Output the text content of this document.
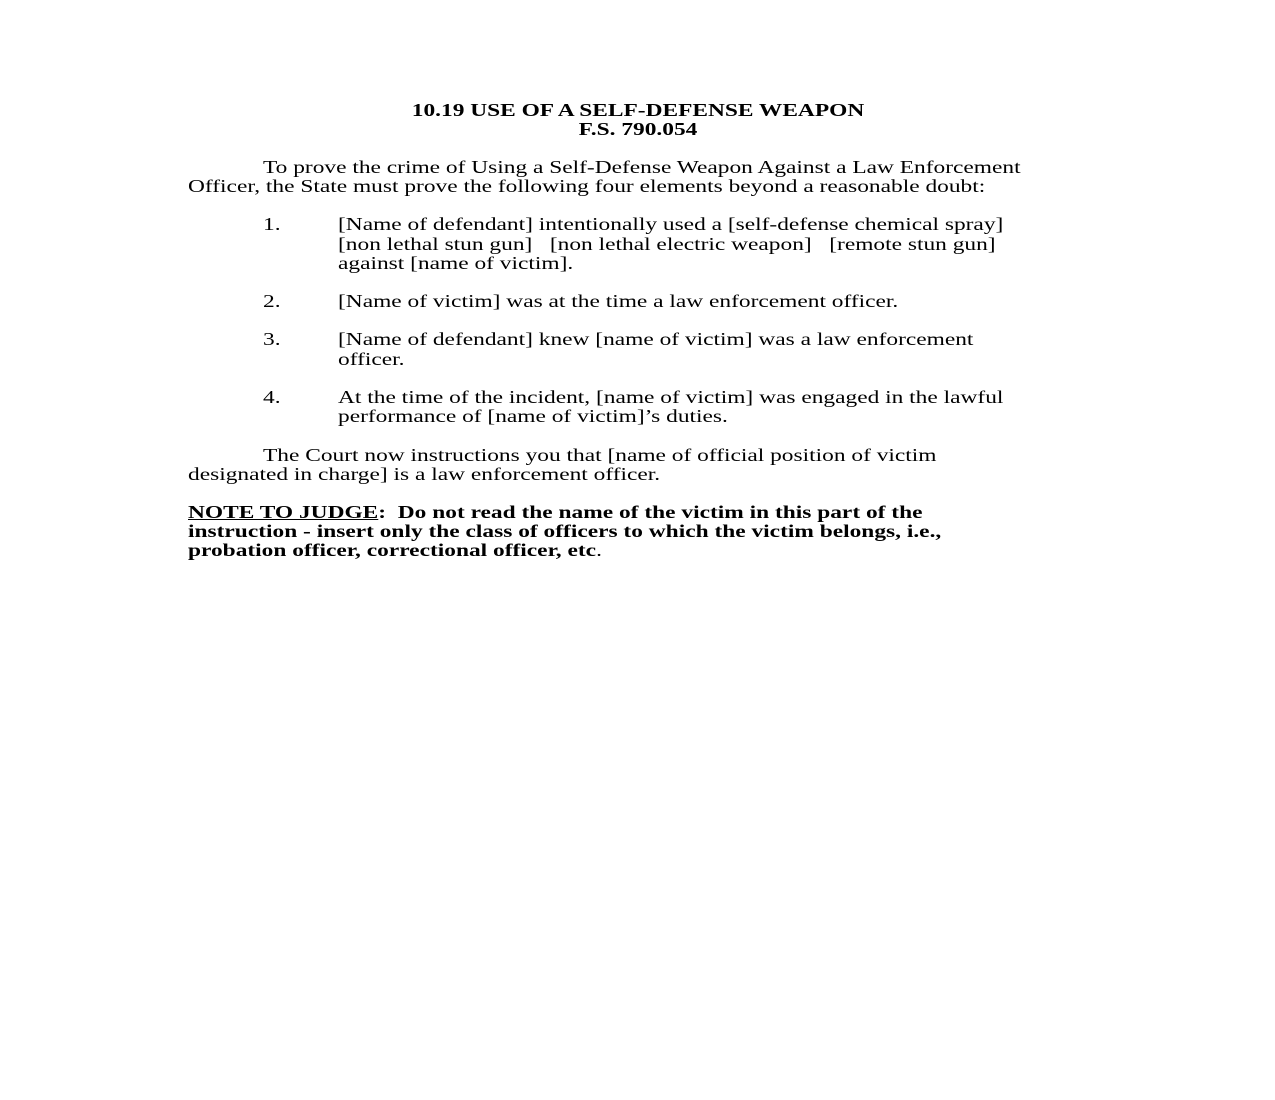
10.19 USE OF A SELF-DEFENSE WEAPON
F.S. 790.054
To prove the crime of Using a Self-Defense Weapon Against a Law Enforcement
Officer, the State must prove the following four elements beyond a reasonable doubt:
1.	[Name of defendant] intentionally used a [self-defense chemical spray]
[non lethal stun gun]   [non lethal electric weapon]   [remote stun gun]
against [name of victim].
2.	[Name of victim] was at the time a law enforcement officer.
3.	[Name of defendant] knew [name of victim] was a law enforcement
officer.
4.	At the time of the incident, [name of victim] was engaged in the lawful
performance of [name of victim]’s duties.
The Court now instructions you that [name of official position of victim
designated in charge] is a law enforcement officer.
NOTE TO JUDGE:  Do not read the name of the victim in this part of the
instruction - insert only the class of officers to which the victim belongs, i.e.,
probation officer, correctional officer, etc.
